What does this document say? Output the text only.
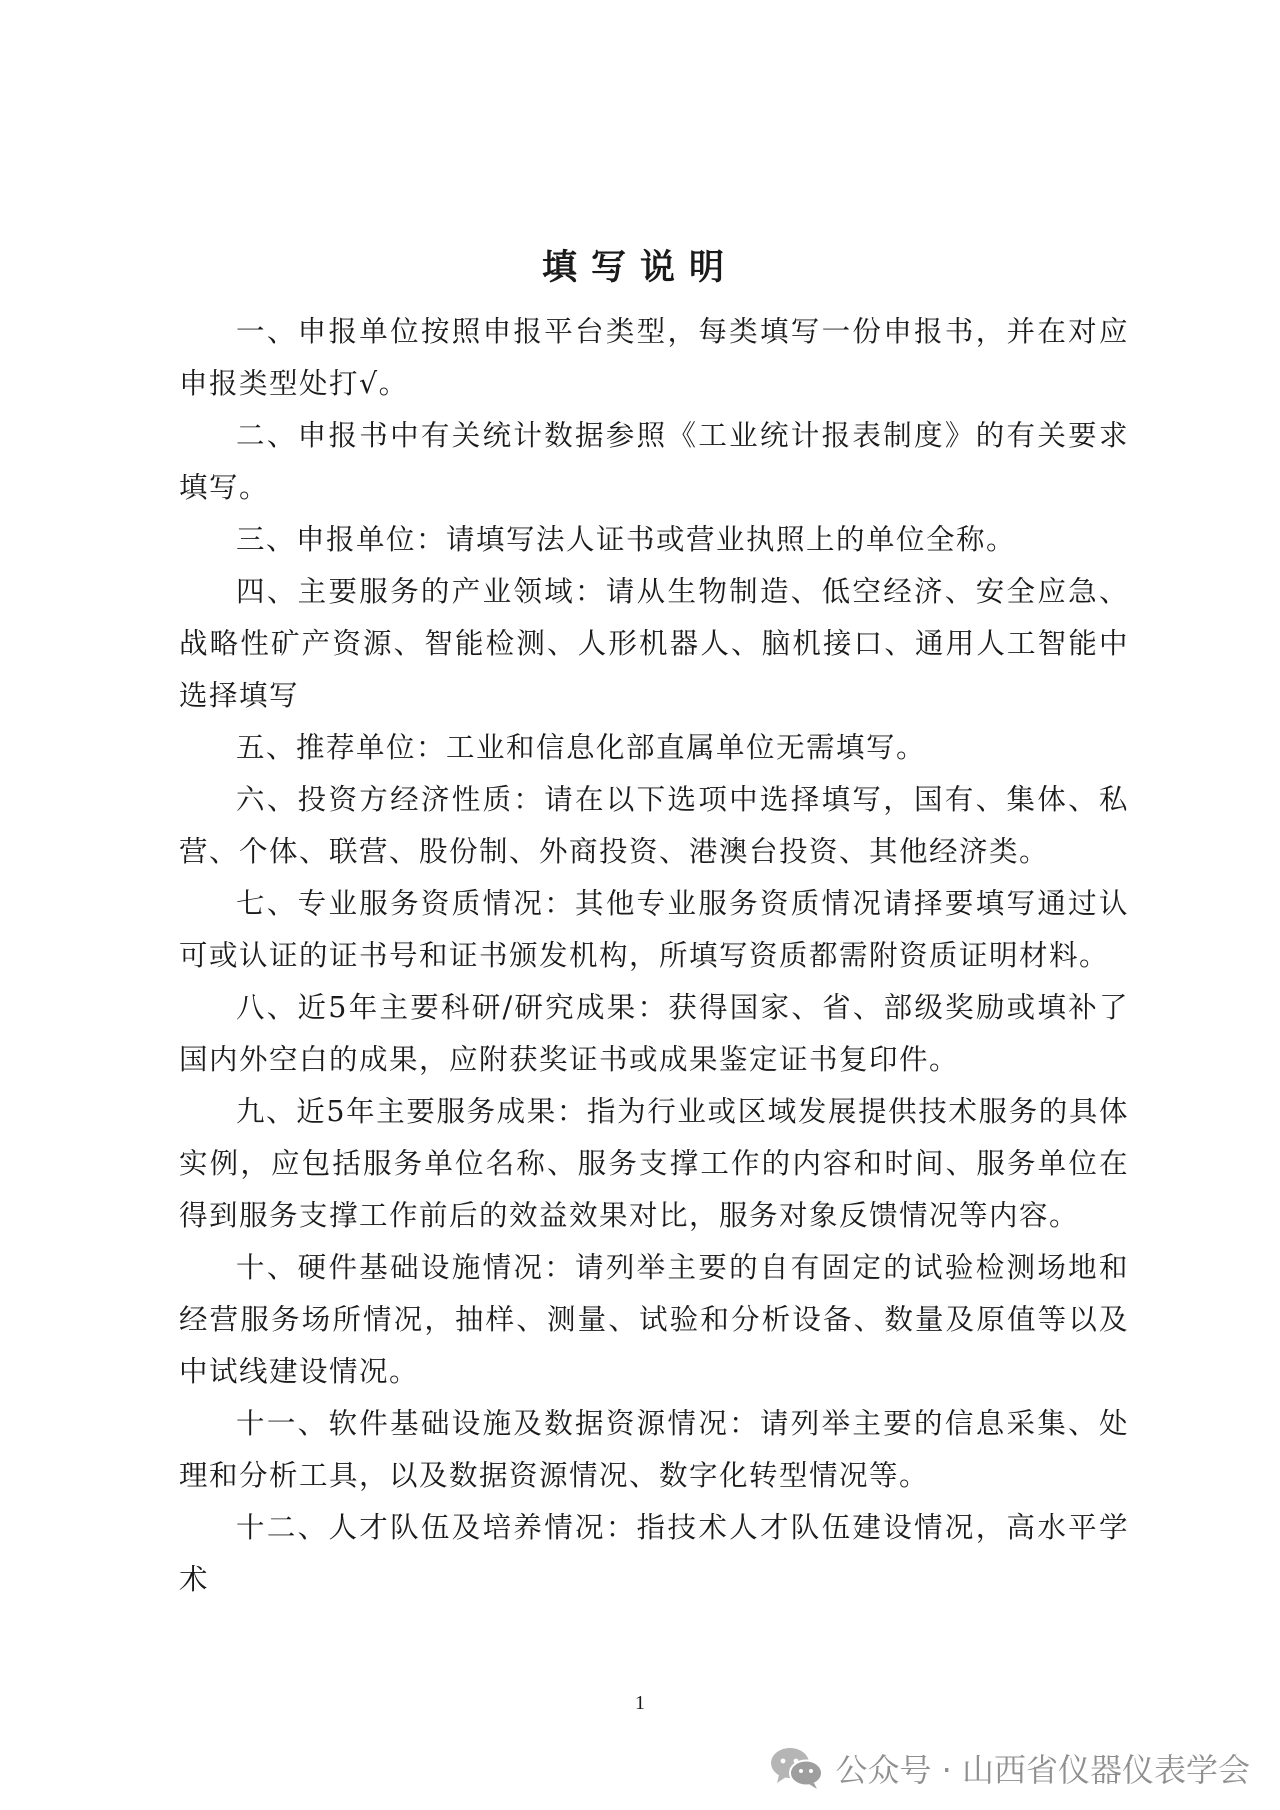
填写说明

一、申报单位按照申报平台类型，每类填写一份申报书，并在对应申报类型处打√。

二、申报书中有关统计数据参照《工业统计报表制度》的有关要求填写。

三、申报单位：请填写法人证书或营业执照上的单位全称。

四、主要服务的产业领域：请从生物制造、低空经济、安全应急、战略性矿产资源、智能检测、人形机器人、脑机接口、通用人工智能中选择填写

五、推荐单位：工业和信息化部直属单位无需填写。

六、投资方经济性质：请在以下选项中选择填写，国有、集体、私营、个体、联营、股份制、外商投资、港澳台投资、其他经济类。

七、专业服务资质情况：其他专业服务资质情况请择要填写通过认可或认证的证书号和证书颁发机构，所填写资质都需附资质证明材料。

八、近5年主要科研/研究成果：获得国家、省、部级奖励或填补了国内外空白的成果，应附获奖证书或成果鉴定证书复印件。

九、近5年主要服务成果：指为行业或区域发展提供技术服务的具体实例，应包括服务单位名称、服务支撑工作的内容和时间、服务单位在得到服务支撑工作前后的效益效果对比，服务对象反馈情况等内容。

十、硬件基础设施情况：请列举主要的自有固定的试验检测场地和经营服务场所情况，抽样、测量、试验和分析设备、数量及原值等以及中试线建设情况。

十一、软件基础设施及数据资源情况：请列举主要的信息采集、处理和分析工具，以及数据资源情况、数字化转型情况等。

十二、人才队伍及培养情况：指技术人才队伍建设情况，高水平学术

1
公众号 · 山西省仪器仪表学会
